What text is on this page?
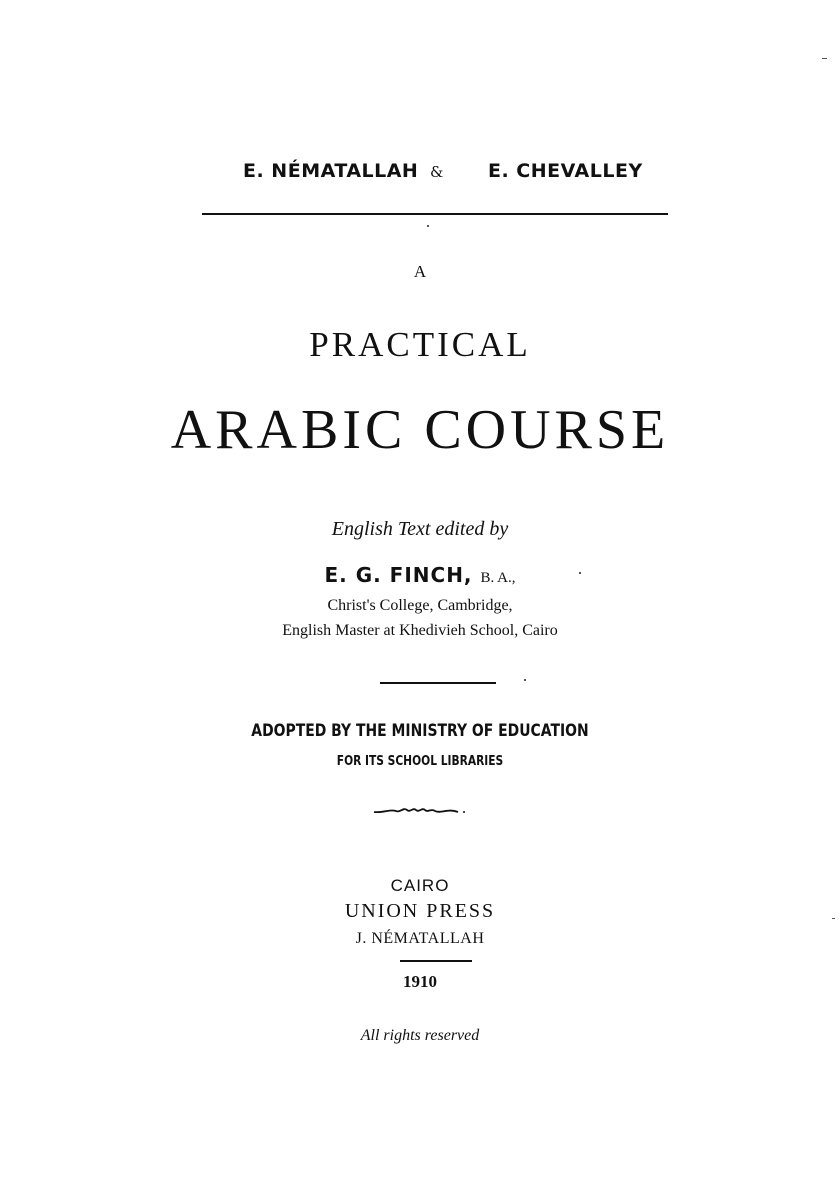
E. NÉMATALLAH & E. CHEVALLEY
A
PRACTICAL
ARABIC COURSE
English Text edited by
E. G. FINCH, B. A.,
Christ's College, Cambridge,
English Master at Khedivieh School, Cairo
ADOPTED BY THE MINISTRY OF EDUCATION
FOR ITS SCHOOL LIBRARIES
CAIRO
UNION PRESS
J. NÉMATALLAH
1910
All rights reserved
